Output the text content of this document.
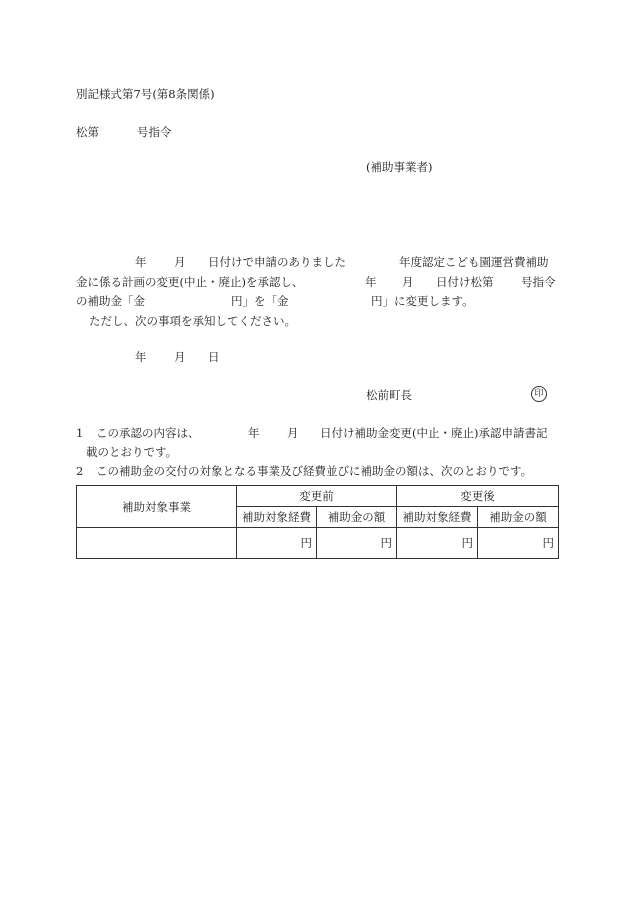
別記様式第7号(第8条関係)
松第	号指令
(補助事業者)
年 月 日付けで申請のありました	年度認定こども園運営費補助
金に係る計画の変更(中止・廃止)を承認し、	年 月 日付け松第 号指令
の補助金「金	円」を「金	円」に変更します。
ただし、次の事項を承知してください。
年 月 日
松前町長	印
1 この承認の内容は、	年 月 日付け補助金変更(中止・廃止)承認申請書記
載のとおりです。
2 この補助金の交付の対象となる事業及び経費並びに補助金の額は、次のとおりです。
補助対象事業	変更前		変更後	
	補助対象経費	補助金の額	補助対象経費	補助金の額
	円	円	円	円
